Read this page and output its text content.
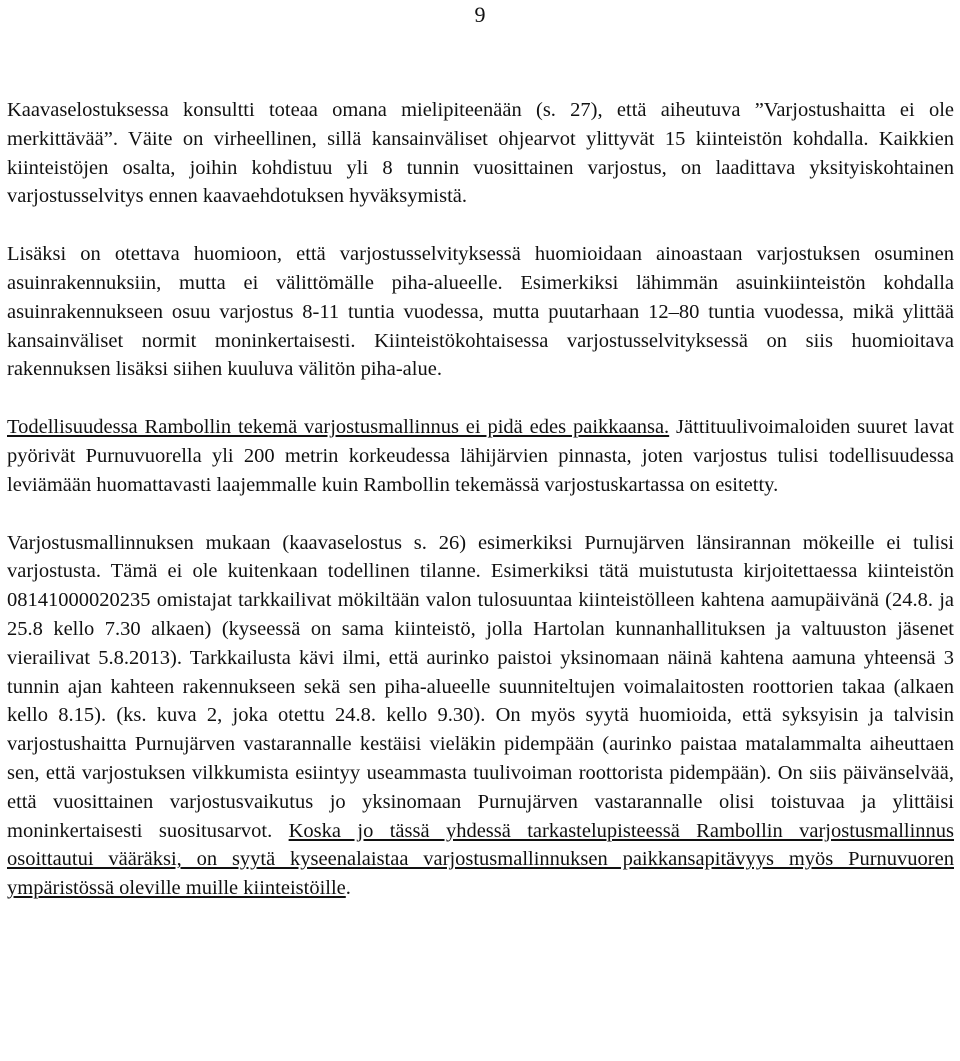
9

Kaavaselostuksessa konsultti toteaa omana mielipiteenään (s. 27), että aiheutuva ”Varjostushaitta ei ole merkittävää”. Väite on virheellinen, sillä kansainväliset ohjearvot ylittyvät 15 kiinteistön kohdalla. Kaikkien kiinteistöjen osalta, joihin kohdistuu yli 8 tunnin vuosittainen varjostus, on laadittava yksityiskohtainen varjostusselvitys ennen kaavaehdotuksen hyväksymistä.

Lisäksi on otettava huomioon, että varjostusselvityksessä huomioidaan ainoastaan varjostuksen osuminen asuinrakennuksiin, mutta ei välittömälle piha-alueelle. Esimerkiksi lähimmän asuinkiinteistön kohdalla asuinrakennukseen osuu varjostus 8-11 tuntia vuodessa, mutta puutarhaan 12–80 tuntia vuodessa, mikä ylittää kansainväliset normit moninkertaisesti. Kiinteistökohtaisessa varjostusselvityksessä on siis huomioitava rakennuksen lisäksi siihen kuuluva välitön piha-alue.

Todellisuudessa Rambollin tekemä varjostusmallinnus ei pidä edes paikkaansa. Jättituulivoimaloiden suuret lavat pyörivät Purnuvuorella yli 200 metrin korkeudessa lähijärvien pinnasta, joten varjostus tulisi todellisuudessa leviämään huomattavasti laajemmalle kuin Rambollin tekemässä varjostuskartassa on esitetty.

Varjostusmallinnuksen mukaan (kaavaselostus s. 26) esimerkiksi Purnujärven länsirannan mökeille ei tulisi varjostusta. Tämä ei ole kuitenkaan todellinen tilanne. Esimerkiksi tätä muistutusta kirjoitettaessa kiinteistön 08141000020235 omistajat tarkkailivat mökiltään valon tulosuuntaa kiinteistölleen kahtena aamupäivänä (24.8. ja 25.8 kello 7.30 alkaen) (kyseessä on sama kiinteistö, jolla Hartolan kunnanhallituksen ja valtuuston jäsenet vierailivat 5.8.2013). Tarkkailusta kävi ilmi, että aurinko paistoi yksinomaan näinä kahtena aamuna yhteensä 3 tunnin ajan kahteen rakennukseen sekä sen piha-alueelle suunniteltujen voimalaitosten roottorien takaa (alkaen kello 8.15). (ks. kuva 2, joka otettu 24.8. kello 9.30). On myös syytä huomioida, että syksyisin ja talvisin varjostushaitta Purnujärven vastarannalle kestäisi vieläkin pidempään (aurinko paistaa matalammalta aiheuttaen sen, että varjostuksen vilkkumista esiintyy useammasta tuulivoiman roottorista pidempään). On siis päivänselvää, että vuosittainen varjostusvaikutus jo yksinomaan Purnujärven vastarannalle olisi toistuvaa ja ylittäisi moninkertaisesti suositusarvot. Koska jo tässä yhdessä tarkastelupisteessä Rambollin varjostusmallinnus osoittautui vääräksi, on syytä kyseenalaistaa varjostusmallinnuksen paikkansapitävyys myös Purnuvuoren ympäristössä oleville muille kiinteistöille.
